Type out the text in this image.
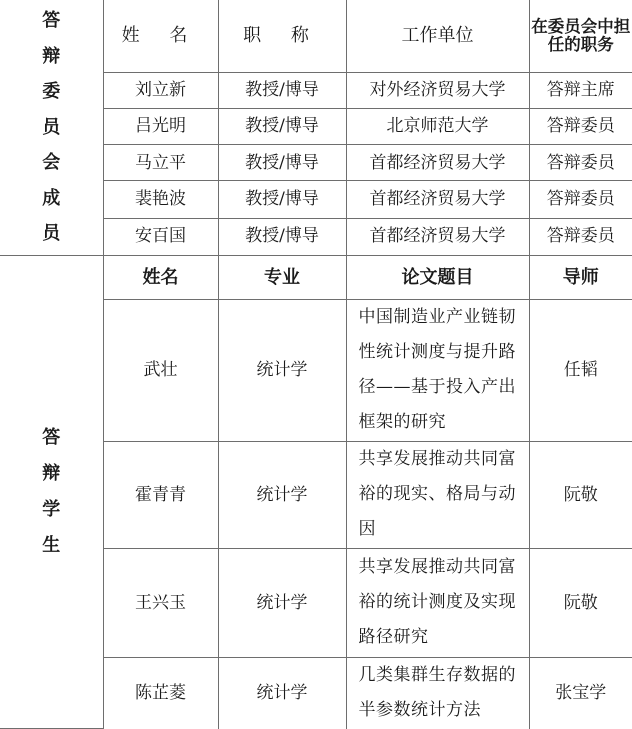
答辩委员会成员	姓 名	职 称	工作单位	在委员会中担任的职务
	刘立新	教授/博导	对外经济贸易大学	答辩主席
	吕光明	教授/博导	北京师范大学	答辩委员
	马立平	教授/博导	首都经济贸易大学	答辩委员
	裴艳波	教授/博导	首都经济贸易大学	答辩委员
	安百国	教授/博导	首都经济贸易大学	答辩委员
答辩学生	姓名	专业	论文题目	导师
	武壮	统计学	中国制造业产业链韧性统计测度与提升路径——基于投入产出框架的研究	任韬
	霍青青	统计学	共享发展推动共同富裕的现实、格局与动因	阮敬
	王兴玉	统计学	共享发展推动共同富裕的统计测度及实现路径研究	阮敬
	陈芷菱	统计学	几类集群生存数据的半参数统计方法	张宝学
